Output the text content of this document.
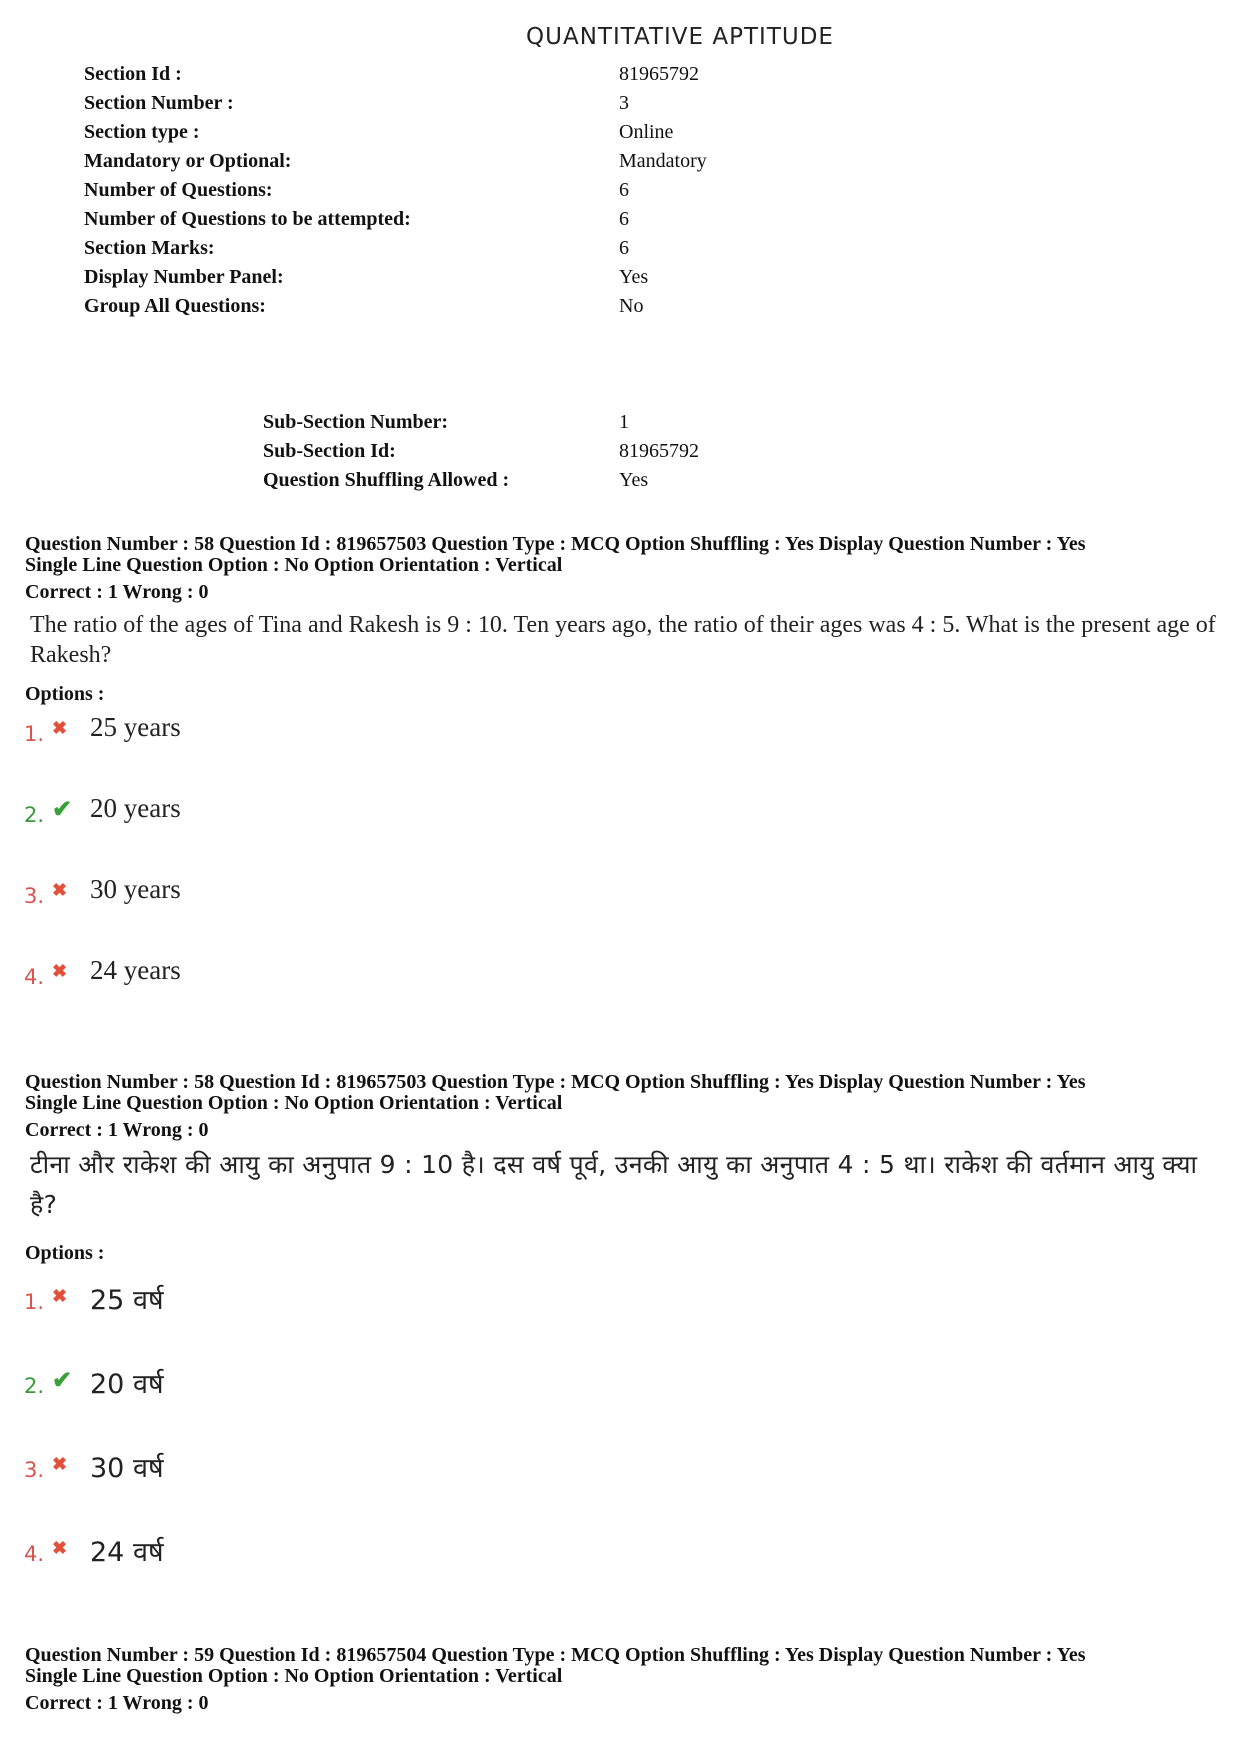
QUANTITATIVE APTITUDE
Section Id :	81965792
Section Number :	3
Section type :	Online
Mandatory or Optional:	Mandatory
Number of Questions:	6
Number of Questions to be attempted:	6
Section Marks:	6
Display Number Panel:	Yes
Group All Questions:	No
Sub-Section Number:	1
Sub-Section Id:	81965792
Question Shuffling Allowed :	Yes
Question Number : 58 Question Id : 819657503 Question Type : MCQ Option Shuffling : Yes Display Question Number : Yes
Single Line Question Option : No Option Orientation : Vertical
Correct : 1 Wrong : 0
The ratio of the ages of Tina and Rakesh is 9 : 10. Ten years ago, the ratio of their ages was 4 : 5. What is the present age of Rakesh?
Options :
1. ✖ 25 years
2. ✔ 20 years
3. ✖ 30 years
4. ✖ 24 years
Question Number : 58 Question Id : 819657503 Question Type : MCQ Option Shuffling : Yes Display Question Number : Yes
Single Line Question Option : No Option Orientation : Vertical
Correct : 1 Wrong : 0
टीना और राकेश की आयु का अनुपात 9 : 10 है। दस वर्ष पूर्व, उनकी आयु का अनुपात 4 : 5 था। राकेश की वर्तमान आयु क्या है?
Options :
1. ✖ 25 वर्ष
2. ✔ 20 वर्ष
3. ✖ 30 वर्ष
4. ✖ 24 वर्ष
Question Number : 59 Question Id : 819657504 Question Type : MCQ Option Shuffling : Yes Display Question Number : Yes
Single Line Question Option : No Option Orientation : Vertical
Correct : 1 Wrong : 0
